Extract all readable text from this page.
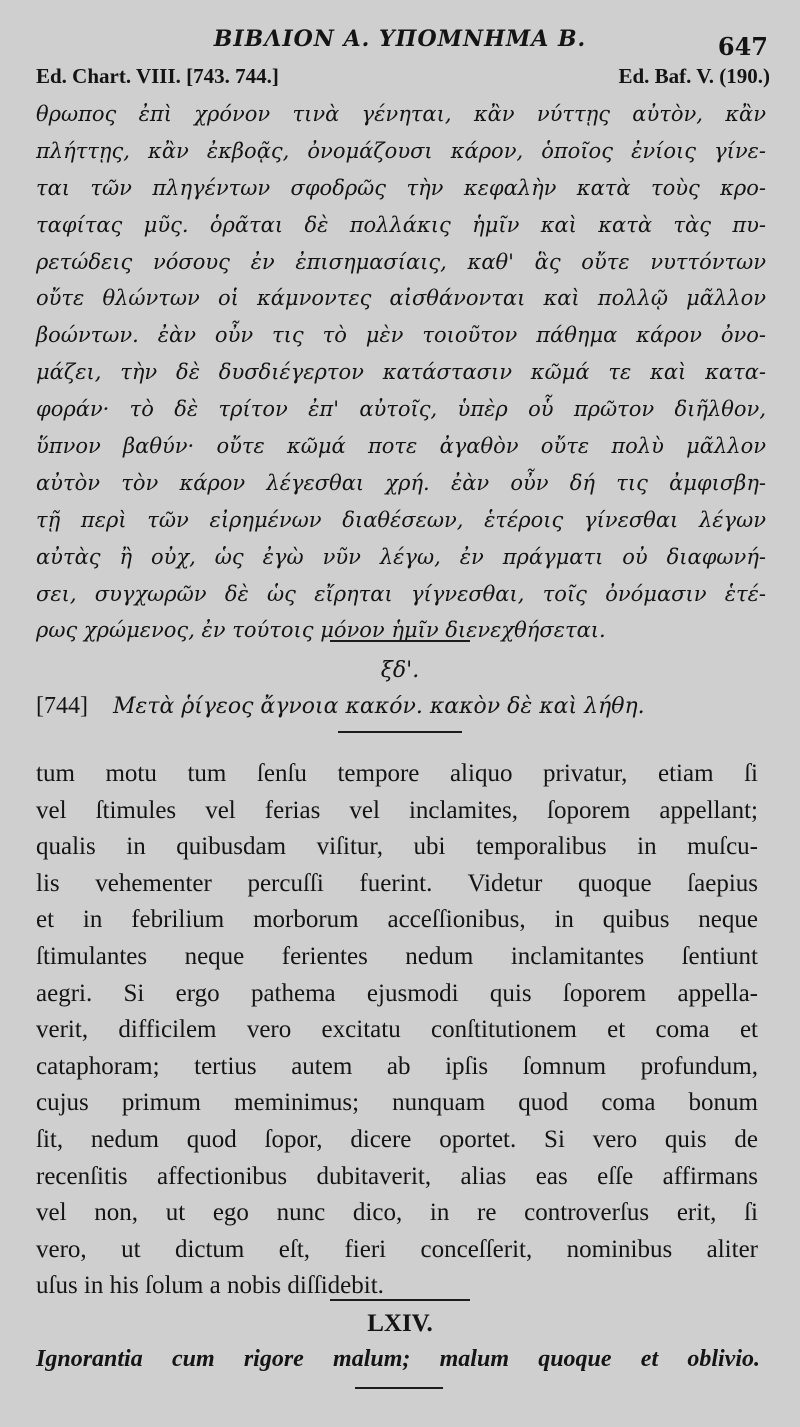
ΒΙΒΛΙΟΝ Α. ΥΠΟΜΝΗΜΑ Β.	647
Ed. Chart. VIII. [743. 744.]	Ed. Baf. V. (190.)
θρωπος ἐπὶ χρόνον τινὰ γένηται, κἂν νύττῃς αὐτὸν, κἂν
πλήττῃς, κἂν ἐκβοᾷς, ὀνομάζουσι κάρον, ὁποῖος ἐνίοις γίνε-
ται τῶν πληγέντων σφοδρῶς τὴν κεφαλὴν κατὰ τοὺς κρο-
ταφίτας μῦς. ὁρᾶται δὲ πολλάκις ἡμῖν καὶ κατὰ τὰς πυ-
ρετώδεις νόσους ἐν ἐπισημασίαις, καθ' ἃς οὔτε νυττόντων
οὔτε θλώντων οἱ κάμνοντες αἰσθάνονται καὶ πολλῷ μᾶλλον
βοώντων. ἐὰν οὖν τις τὸ μὲν τοιοῦτον πάθημα κάρον ὀνο-
μάζει, τὴν δὲ δυσδιέγερτον κατάστασιν κῶμά τε καὶ κατα-
φοράν· τὸ δὲ τρίτον ἐπ' αὐτοῖς, ὑπὲρ οὗ πρῶτον διῆλθον,
ὕπνον βαθύν· οὔτε κῶμά ποτε ἀγαθὸν οὔτε πολὺ μᾶλλον
αὐτὸν τὸν κάρον λέγεσθαι χρή. ἐὰν οὖν δή τις ἀμφισβη-
τῇ περὶ τῶν εἰρημένων διαθέσεων, ἑτέροις γίνεσθαι λέγων
αὐτὰς ἢ οὐχ, ὡς ἐγὼ νῦν λέγω, ἐν πράγματι οὐ διαφωνή-
σει, συγχωρῶν δὲ ὡς εἴρηται γίγνεσθαι, τοῖς ὀνόμασιν ἑτέ-
ρως χρώμενος, ἐν τούτοις μόνον ἡμῖν διενεχθήσεται.
ξδ'.
[744] Μετὰ ῥίγεος ἄγνοια κακόν. κακὸν δὲ καὶ λήθη.
tum motu tum ſenſu tempore aliquo privatur, etiam ſi
vel ſtimules vel ferias vel inclamites, ſoporem appellant;
qualis in quibusdam viſitur, ubi temporalibus in muſcu-
lis vehementer percuſſi fuerint. Videtur quoque ſaepius
et in febrilium morborum acceſſionibus, in quibus neque
ſtimulantes neque ferientes nedum inclamitantes ſentiunt
aegri. Si ergo pathema ejusmodi quis ſoporem appella-
verit, difficilem vero excitatu conſtitutionem et coma et
cataphoram; tertius autem ab ipſis ſomnum profundum,
cujus primum meminimus; nunquam quod coma bonum
ſit, nedum quod ſopor, dicere oportet. Si vero quis de
recenſitis affectionibus dubitaverit, alias eas eſſe affirmans
vel non, ut ego nunc dico, in re controverſus erit, ſi
vero, ut dictum eſt, fieri conceſſerit, nominibus aliter
uſus in his ſolum a nobis diſſidebit.
LXIV.
Ignorantia cum rigore malum; malum quoque et oblivio.
